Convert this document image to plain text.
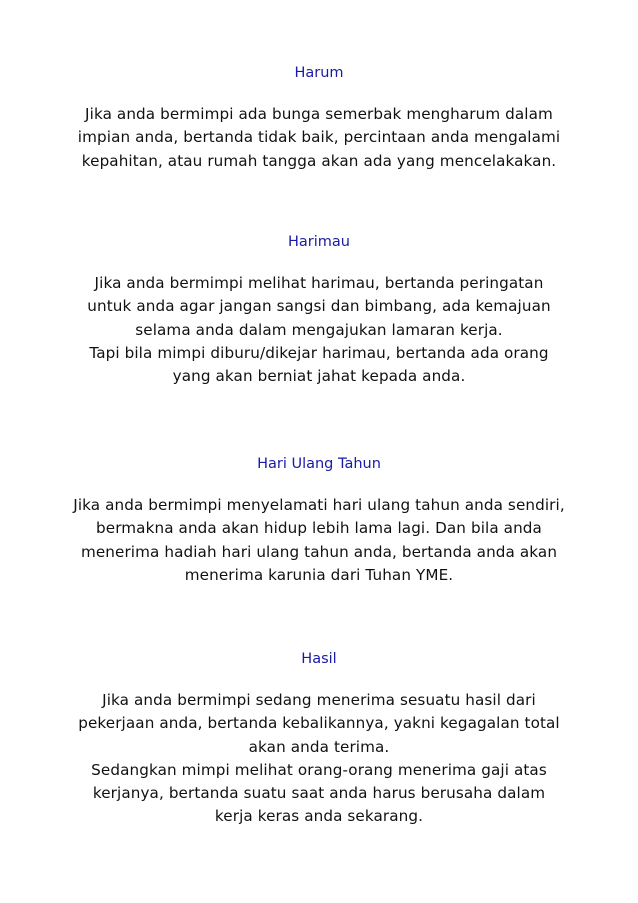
Harum

Jika anda bermimpi ada bunga semerbak mengharum dalam
impian anda, bertanda tidak baik, percintaan anda mengalami
kepahitan, atau rumah tangga akan ada yang mencelakakan.

Harimau

Jika anda bermimpi melihat harimau, bertanda peringatan
untuk anda agar jangan sangsi dan bimbang, ada kemajuan
selama anda dalam mengajukan lamaran kerja.
Tapi bila mimpi diburu/dikejar harimau, bertanda ada orang
yang akan berniat jahat kepada anda.

Hari Ulang Tahun

Jika anda bermimpi menyelamati hari ulang tahun anda sendiri,
bermakna anda akan hidup lebih lama lagi. Dan bila anda
menerima hadiah hari ulang tahun anda, bertanda anda akan
menerima karunia dari Tuhan YME.

Hasil

Jika anda bermimpi sedang menerima sesuatu hasil dari
pekerjaan anda, bertanda kebalikannya, yakni kegagalan total
akan anda terima.
Sedangkan mimpi melihat orang-orang menerima gaji atas
kerjanya, bertanda suatu saat anda harus berusaha dalam
kerja keras anda sekarang.
